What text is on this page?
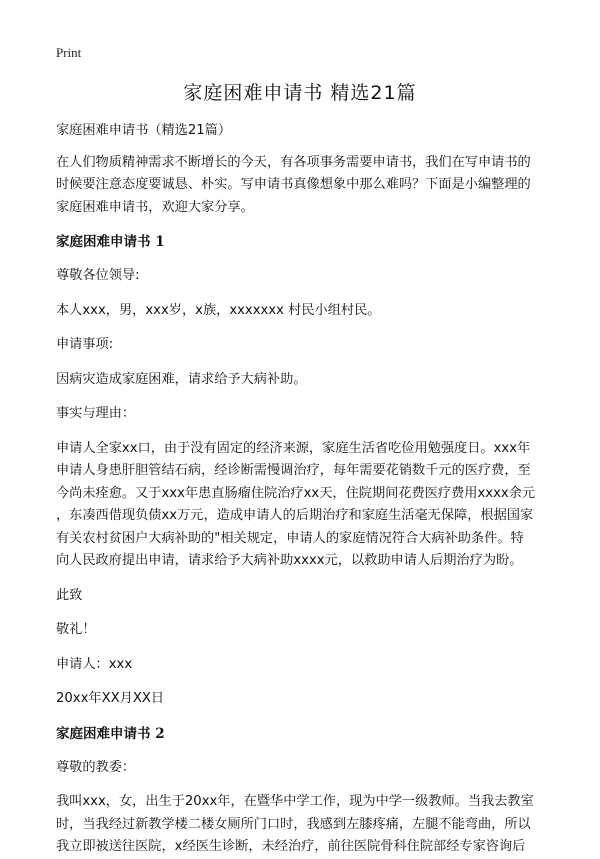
Print
家庭困难申请书 精选21篇

家庭困难申请书（精选21篇）

在人们物质精神需求不断增长的今天，有各项事务需要申请书，我们在写申请书的

时候要注意态度要诚恳、朴实。写申请书真像想象中那么难吗？下面是小编整理的

家庭困难申请书，欢迎大家分享。

家庭困难申请书 1

尊敬各位领导:

本人xxx，男，xxx岁，x族，xxxxxxx 村民小组村民。

申请事项:

因病灾造成家庭困难，请求给予大病补助。

事实与理由：

申请人全家xx口，由于没有固定的经济来源，家庭生活省吃俭用勉强度日。xxx年

申请人身患肝胆管结石病，经诊断需慢调治疗，每年需要花销数千元的医疗费，至

今尚未痊愈。又于xxx年患直肠瘤住院治疗xx天，住院期间花费医疗费用xxxx余元

，东凑西借现负债xx万元，造成申请人的后期治疗和家庭生活毫无保障，根据国家

有关农村贫困户大病补助的"相关规定，申请人的家庭情况符合大病补助条件。特

向人民政府提出申请，请求给予大病补助xxxx元，以救助申请人后期治疗为盼。

此致

敬礼！

申请人：xxx

20xx年XX月XX日

家庭困难申请书 2

尊敬的教委：

我叫xxx，女，出生于20xx年，在暨华中学工作，现为中学一级教师。当我去教室

时，当我经过新教学楼二楼女厕所门口时，我感到左膝疼痛，左腿不能弯曲，所以

我立即被送往医院，x经医生诊断，未经治疗，前往医院骨科住院部经专家咨询后
